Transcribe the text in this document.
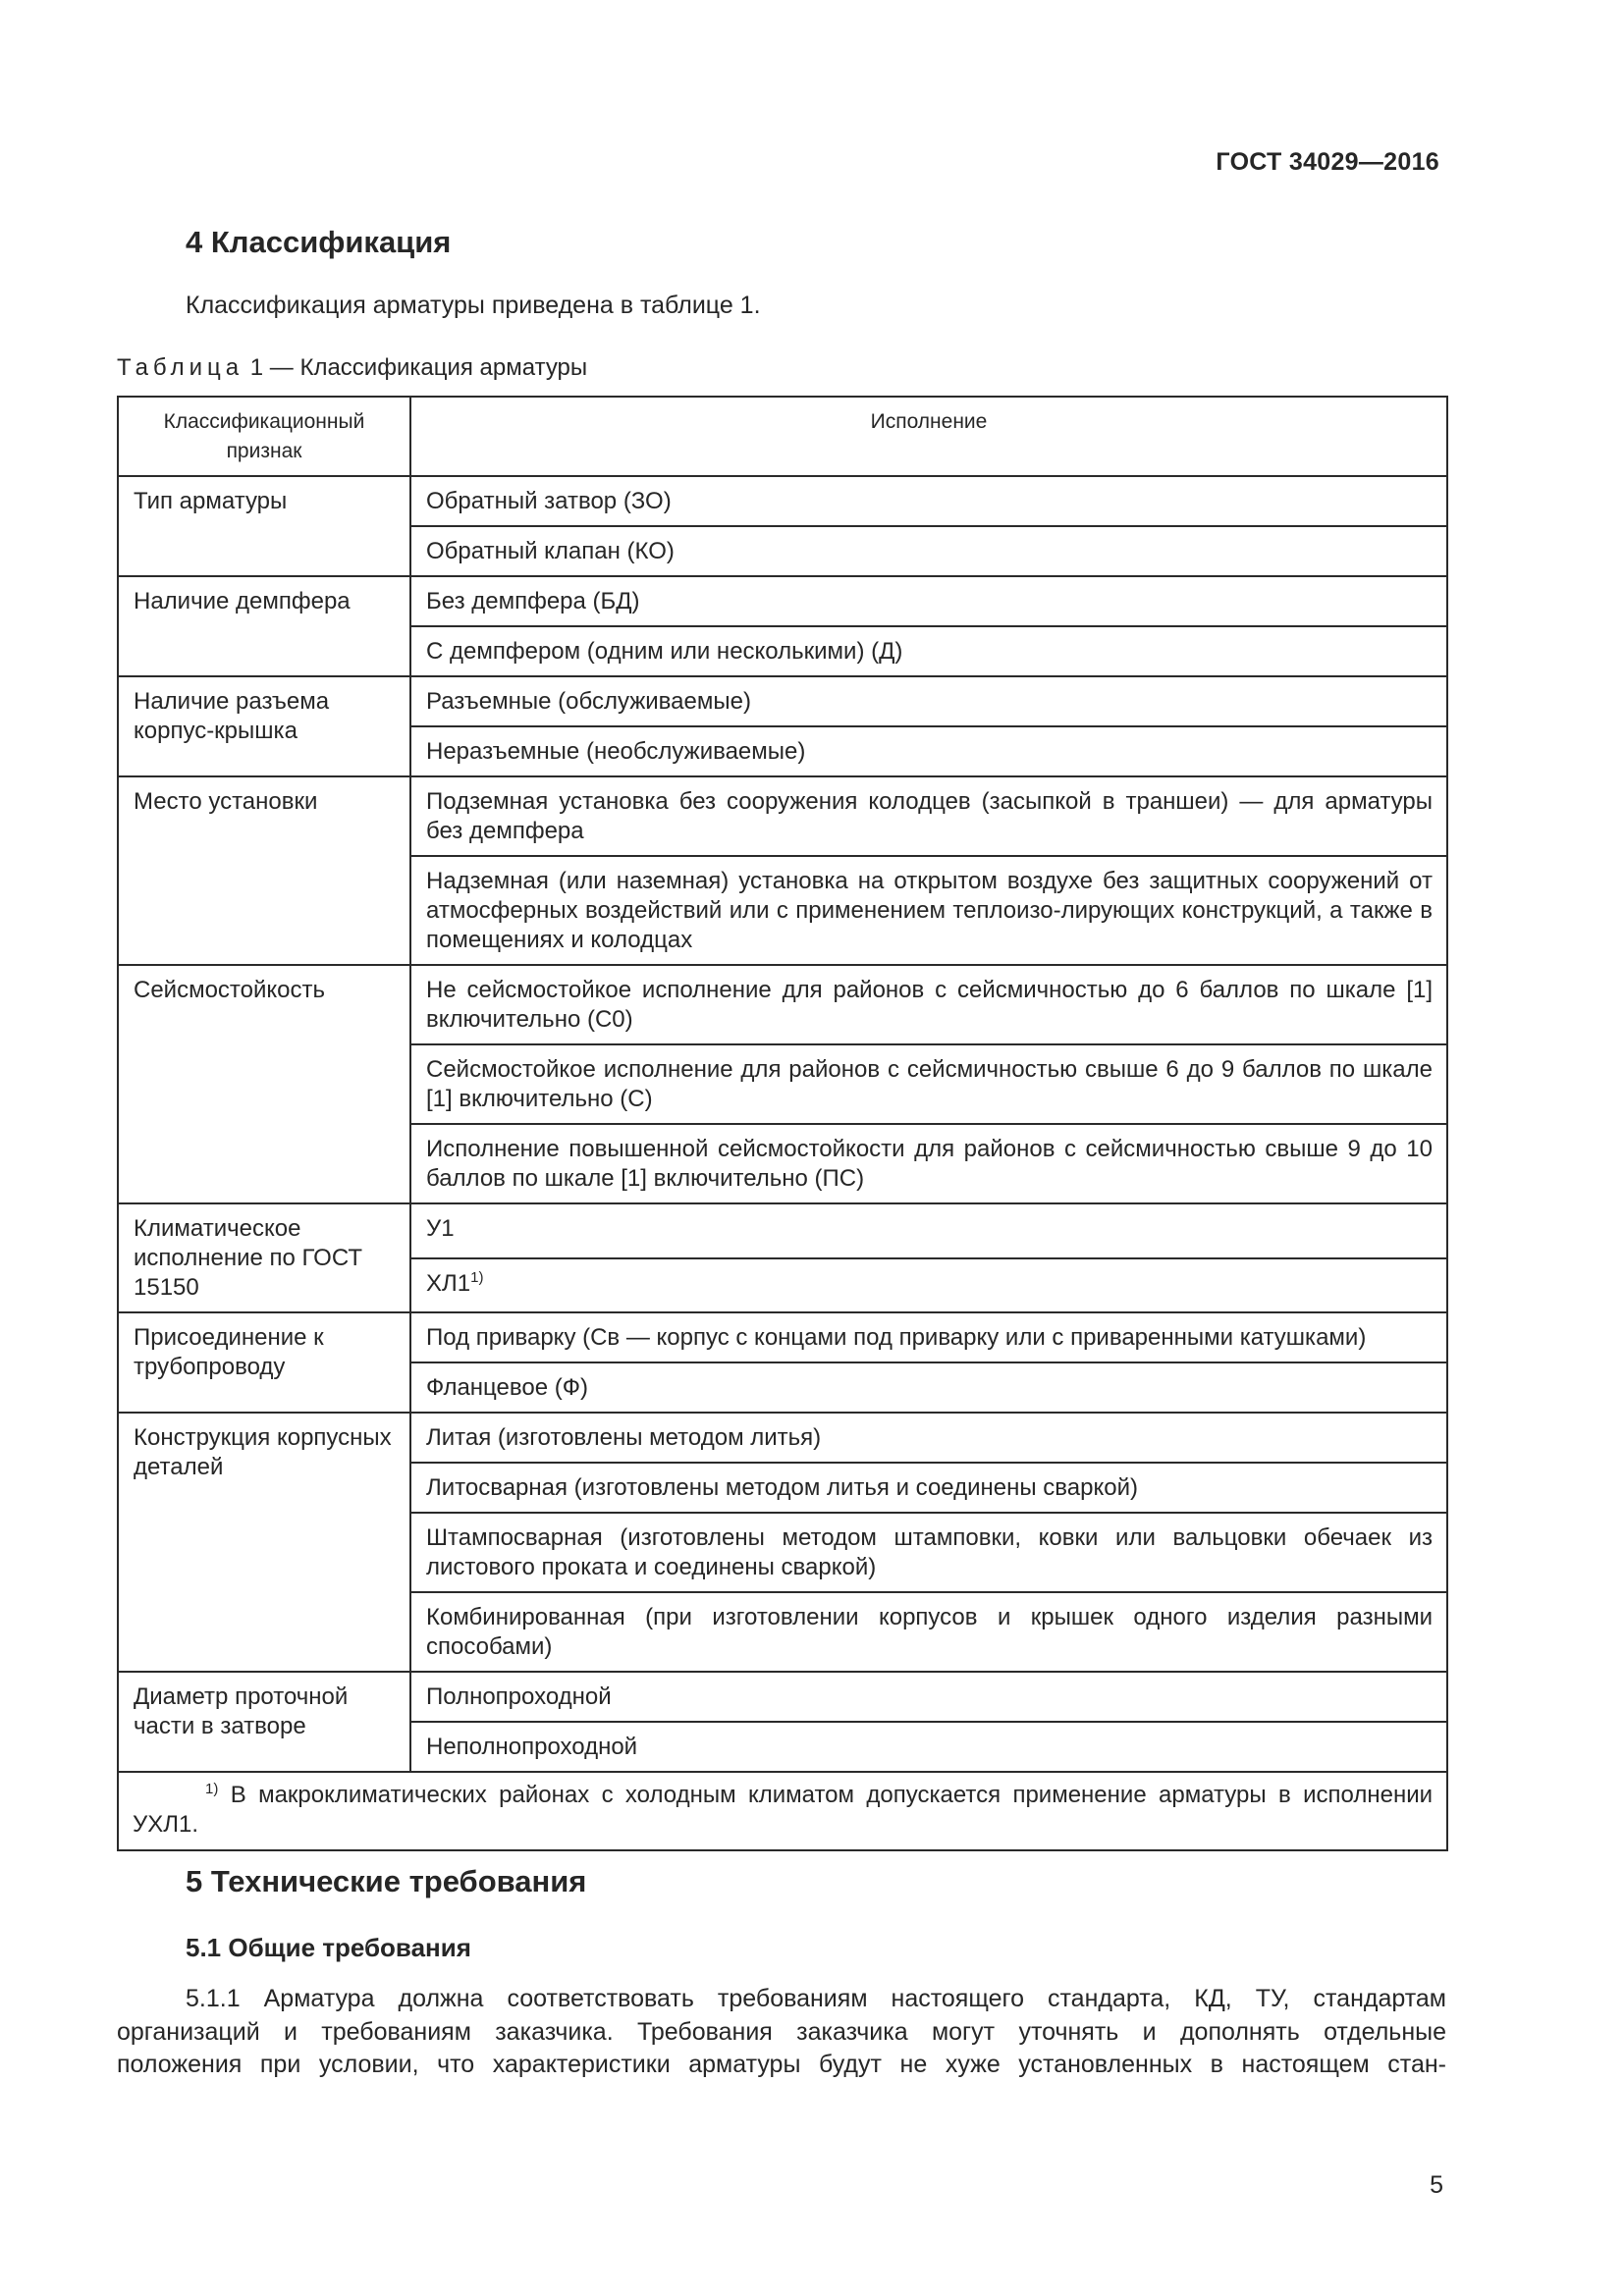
ГОСТ 34029—2016
4 Классификация

Классификация арматуры приведена в таблице 1.

Таблица 1 — Классификация арматуры

Классификационный признак	Исполнение
Тип арматуры	Обратный затвор (ЗО)
	Обратный клапан (КО)
Наличие демпфера	Без демпфера (БД)
	С демпфером (одним или несколькими) (Д)
Наличие разъема корпус-крышка	Разъемные (обслуживаемые)
	Неразъемные (необслуживаемые)
Место установки	Подземная установка без сооружения колодцев (засыпкой в траншеи) — для арматуры без демпфера
	Надземная (или наземная) установка на открытом воздухе без защитных сооружений от атмосферных воздействий или с применением теплоизо-лирующих конструкций, а также в помещениях и колодцах
Сейсмостойкость	Не сейсмостойкое исполнение для районов с сейсмичностью до 6 баллов по шкале [1] включительно (С0)
	Сейсмостойкое исполнение для районов с сейсмичностью свыше 6 до 9 баллов по шкале [1] включительно (С)
	Исполнение повышенной сейсмостойкости для районов с сейсмичностью свыше 9 до 10 баллов по шкале [1] включительно (ПС)
Климатическое исполнение по ГОСТ 15150	У1
	ХЛ1$^{1)}$
Присоединение к трубопроводу	Под приварку (Св — корпус с концами под приварку или с приваренными катушками)
	Фланцевое (Ф)
Конструкция корпусных деталей	Литая (изготовлены методом литья)
	Литосварная (изготовлены методом литья и соединены сваркой)
	Штампосварная (изготовлены методом штамповки, ковки или вальцовки обечаек из листового проката и соединены сваркой)
	Комбинированная (при изготовлении корпусов и крышек одного изделия разными способами)
Диаметр проточной части в затворе	Полнопроходной
	Неполнопроходной
$^{1)}$ В макроклиматических районах с холодным климатом допускается применение арматуры в исполнении УХЛ1.	
5 Технические требования
5.1 Общие требования

5.1.1 Арматура должна соответствовать требованиям настоящего стандарта, КД, ТУ, стандартам
организаций и требованиям заказчика. Требования заказчика могут уточнять и дополнять отдельные
положения при условии, что характеристики арматуры будут не хуже установленных в настоящем стан-

5
